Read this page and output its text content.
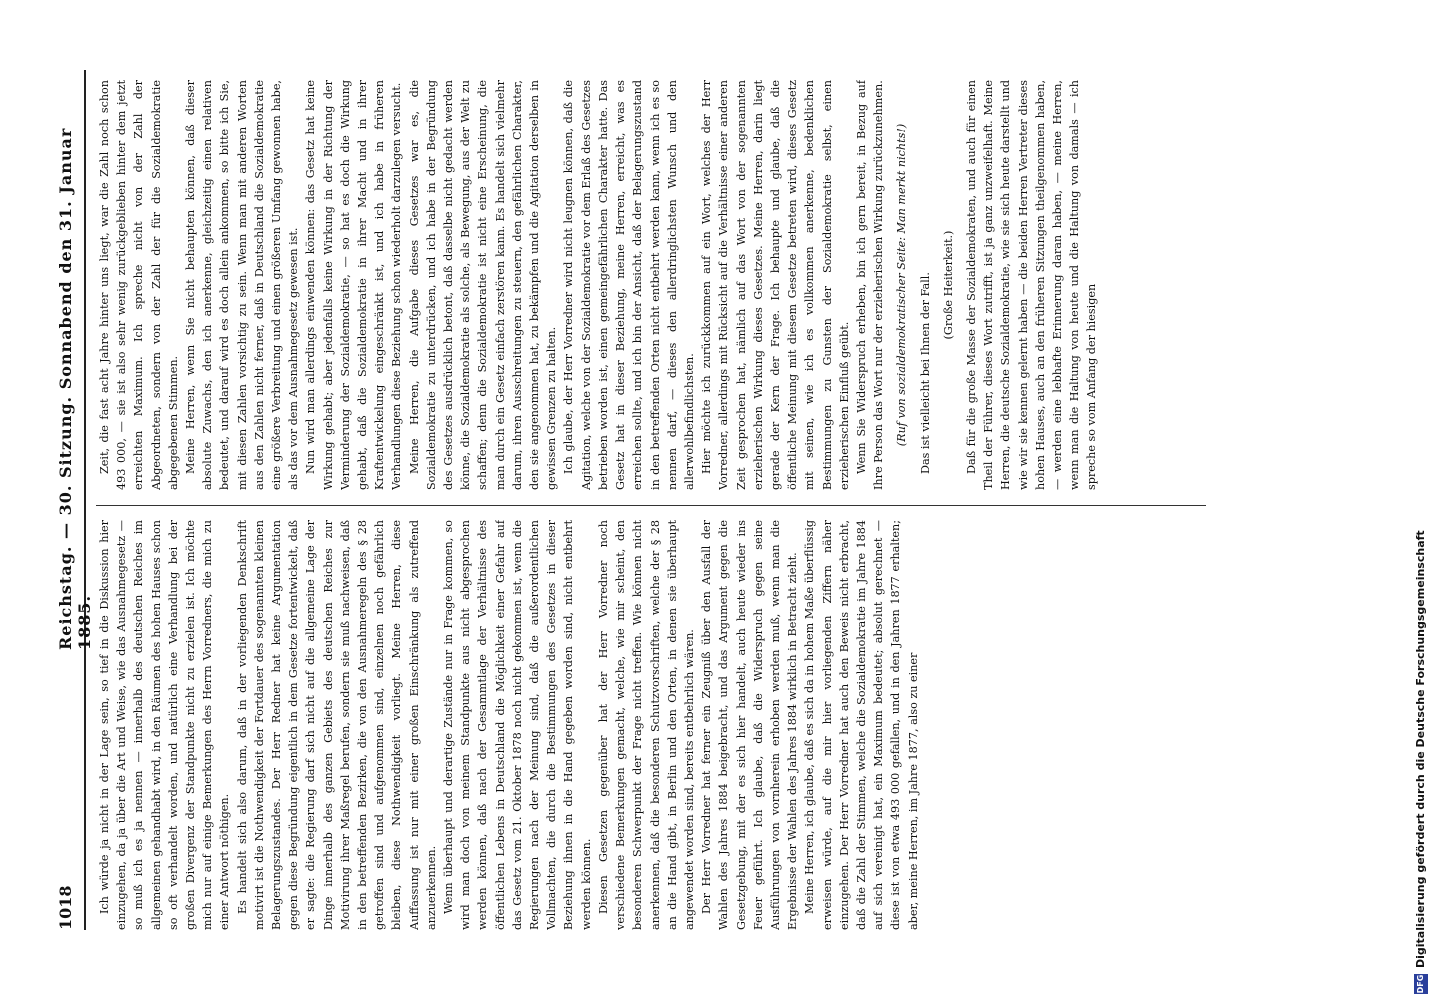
1018
Reichstag. — 30. Sitzung. Sonnabend den 31. Januar 1885. Ich würde ja nicht in der Lage sein, so tief in die Diskussion hier einzugehen, da ja über die Art und Weise, wie das Ausnahmegesetz — so muß ich es ja nennen — innerhalb des deutschen Reiches im allgemeinen gehandhabt wird, in den Räumen des hohen Hauses schon so oft verhandelt worden, und natürlich eine Verhandlung bei der großen Divergenz der Standpunkte nicht zu erzielen ist. Ich möchte mich nur auf einige Bemerkungen des Herrn Vorredners, die mich zu einer Antwort nöthigen. Es handelt sich also darum, daß in der vorliegenden Denkschrift motivirt ist die Nothwendigkeit der Fortdauer des sogenannten kleinen Belagerungszustandes. Der Herr Redner hat keine Argumentation gegen diese Begründung eigentlich in dem Gesetze fortentwickelt, daß er sagte: die Regierung darf sich nicht auf die allgemeine Lage der Dinge innerhalb des ganzen Gebiets des deutschen Reiches zur Motivirung ihrer Maßregel berufen, sondern sie muß nachweisen, daß in den betreffenden Bezirken, die von den Ausnahmeregeln des § 28 getroffen sind und aufgenommen sind, einzelnen noch gefährlich bleiben, diese Nothwendigkeit vorliegt. Meine Herren, diese Auffassung ist nur mit einer großen Einschränkung als zutreffend anzuerkennen. Wenn überhaupt und derartige Zustände nur in Frage kommen, so wird man doch von meinem Standpunkte aus nicht abgesprochen werden können, daß nach der Gesammtlage der Verhältnisse des öffentlichen Lebens in Deutschland die Möglichkeit einer Gefahr auf das Gesetz vom 21. Oktober 1878 noch nicht gekommen ist, wenn die Regierungen nach der Meinung sind, daß die außerordentlichen Vollmachten, die durch die Bestimmungen des Gesetzes in dieser Beziehung ihnen in die Hand gegeben worden sind, nicht entbehrt werden können. Diesen Gesetzen gegenüber hat der Herr Vorredner noch verschiedene Bemerkungen gemacht, welche, wie mir scheint, den besonderen Schwerpunkt der Frage nicht treffen. Wie können nicht anerkennen, daß die besonderen Schutzvorschriften, welche der § 28 an die Hand gibt, in Berlin und den Orten, in denen sie überhaupt angewendet worden sind, bereits entbehrlich wären. Der Herr Vorredner hat ferner ein Zeugniß über den Ausfall der Wahlen des Jahres 1884 beigebracht, und das Argument gegen die Gesetzgebung, mit der es sich hier handelt, auch heute wieder ins Feuer geführt. Ich glaube, daß die Widerspruch gegen seine Ausführungen von vornherein erhoben werden muß, wenn man die Ergebnisse der Wahlen des Jahres 1884 wirklich in Betracht zieht. Meine Herren, ich glaube, daß es sich da in hohem Maße überflüssig erweisen würde, auf die mir hier vorliegenden Ziffern näher einzugehen. Der Herr Vorredner hat auch den Beweis nicht erbracht, daß die Zahl der Stimmen, welche die Sozialdemokratie im Jahre 1884 auf sich vereinigt hat, ein Maximum bedeutet; absolut gerechnet — diese ist von etwa 493 000 gefallen, und in den Jahren 1877 erhalten; aber, meine Herren, im Jahre 1877, also zu einer

Zeit, die fast acht Jahre hinter uns liegt, war die Zahl noch schon 493 000, — sie ist also sehr wenig zurückgeblieben hinter dem jetzt erreichten Maximum. Ich spreche nicht von der Zahl der Abgeordneten, sondern von der Zahl der für die Sozialdemokratie abgegebenen Stimmen. Meine Herren, wenn Sie nicht behaupten können, daß dieser absolute Zuwachs, den ich anerkenne, gleichzeitig einen relativen bedeutet, und darauf wird es doch allein ankommen, so bitte ich Sie, mit diesen Zahlen vorsichtig zu sein. Wenn man mit anderen Worten aus den Zahlen nicht ferner, daß in Deutschland die Sozialdemokratie eine größere Verbreitung und einen größeren Umfang gewonnen habe, als das vor dem Ausnahmegesetz gewesen ist. Nun wird man allerdings einwenden können: das Gesetz hat keine Wirkung gehabt; aber jedenfalls keine Wirkung in der Richtung der Verminderung der Sozialdemokratie, — so hat es doch die Wirkung gehabt, daß die Sozialdemokratie in ihrer Macht und in ihrer Kraftentwickelung eingeschränkt ist, und ich habe in früheren Verhandlungen diese Beziehung schon wiederholt darzulegen versucht. Meine Herren, die Aufgabe dieses Gesetzes war es, die Sozialdemokratie zu unterdrücken, und ich habe in der Begründung des Gesetzes ausdrücklich betont, daß dasselbe nicht gedacht werden könne, die Sozialdemokratie als solche, als Bewegung, aus der Welt zu schaffen; denn die Sozialdemokratie ist nicht eine Erscheinung, die man durch ein Gesetz einfach zerstören kann. Es handelt sich vielmehr darum, ihren Ausschreitungen zu steuern, den gefährlichen Charakter, den sie angenommen hat, zu bekämpfen und die Agitation derselben in gewissen Grenzen zu halten. Ich glaube, der Herr Vorredner wird nicht leugnen können, daß die Agitation, welche von der Sozialdemokratie vor dem Erlaß des Gesetzes betrieben worden ist, einen gemeingefährlichen Charakter hatte. Das Gesetz hat in dieser Beziehung, meine Herren, erreicht, was es erreichen sollte, und ich bin der Ansicht, daß der Belagerungszustand in den betreffenden Orten nicht entbehrt werden kann, wenn ich es so nennen darf, — dieses den allerdringlichsten Wunsch und den allerwohlbefindlichsten. Hier möchte ich zurückkommen auf ein Wort, welches der Herr Vorredner, allerdings mit Rücksicht auf die Verhältnisse einer anderen Zeit gesprochen hat, nämlich auf das Wort von der sogenannten erzieherischen Wirkung dieses Gesetzes. Meine Herren, darin liegt gerade der Kern der Frage. Ich behaupte und glaube, daß die öffentliche Meinung mit diesem Gesetze betreten wird, dieses Gesetz mit seinen, wie ich es vollkommen anerkenne, bedenklichen Bestimmungen zu Gunsten der Sozialdemokratie selbst, einen erzieherischen Einfluß geübt. Wenn Sie Widerspruch erheben, bin ich gern bereit, in Bezug auf Ihre Person das Wort nur der erzieherischen Wirkung zurückzunehmen. (Ruf von sozialdemokratischer Seite: Man merkt nichts!) Das ist vielleicht bei Ihnen der Fall. (Große Heiterkeit.) Daß für die große Masse der Sozialdemokraten, und auch für einen Theil der Führer, dieses Wort zutrifft, ist ja ganz unzweifelhaft. Meine Herren, die deutsche Sozialdemokratie, wie sie sich heute darstellt und wie wir sie kennen gelernt haben — die beiden Herren Vertreter dieses hohen Hauses, auch an den früheren Sitzungen theilgenommen haben, — werden eine lebhafte Erinnerung daran haben, — meine Herren, wenn man die Haltung von heute und die Haltung von damals — ich spreche so vom Anfang der hiesigen

DFG
Digitalisierung gefördert durch die Deutsche Forschungsgemeinschaft
